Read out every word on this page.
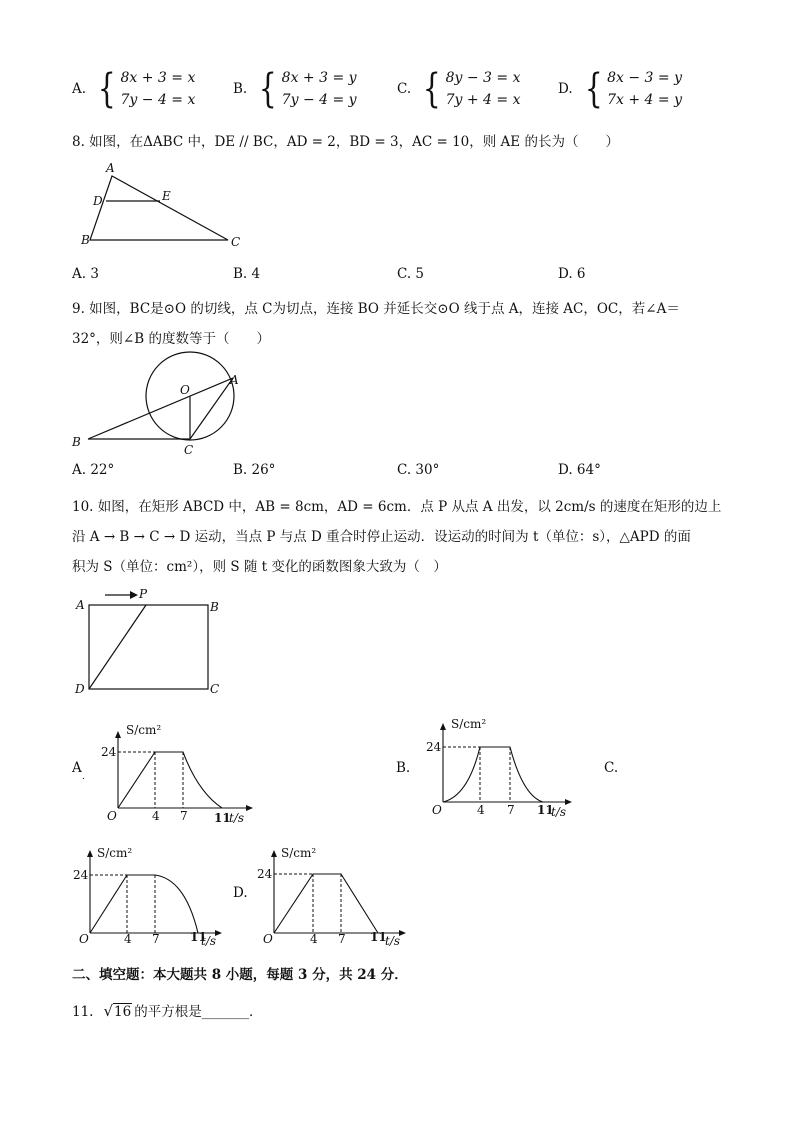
A. { 8x + 3 = x
7y − 4 = x
B. { 8x + 3 = y
7y − 4 = y
C. { 8y − 3 = x
7y + 4 = x
D. { 8x − 3 = y
7x + 4 = y
8. 如图，在ΔABC 中，DE // BC，AD = 2，BD = 3，AC = 10，则 AE 的长为（　　）
A
D	E
B	C
A. 3	B. 4	C. 5	D. 6
9. 如图，BC是⊙O 的切线，点 C为切点，连接 BO 并延长交⊙O 线于点 A，连接 AC，OC，若∠A＝
32°，则∠B 的度数等于（　　）
O
A
B
C
A. 22°	B. 26°	C. 30°	D. 64°
10. 如图，在矩形 ABCD 中，AB = 8cm，AD = 6cm．点 P 从点 A 出发，以 2cm/s 的速度在矩形的边上
沿 A → B → C → D 运动，当点 P 与点 D 重合时停止运动．设运动的时间为 t（单位：s），△APD 的面
积为 S（单位：cm²），则 S 随 t 变化的函数图象大致为（　）
P
A	B
D	C
A
.
S/cm²
24
O	4 7 11
t/s
B.
S/cm²
24
O	4 7 11
t/s
C.
S/cm²
24
O	4 7	11
t/s
D.
S/cm²
24
O	4 7 11
t/s
二、填空题：本大题共 8 小题，每题 3 分，共 24 分．
11. √ 16 的平方根是_______．
